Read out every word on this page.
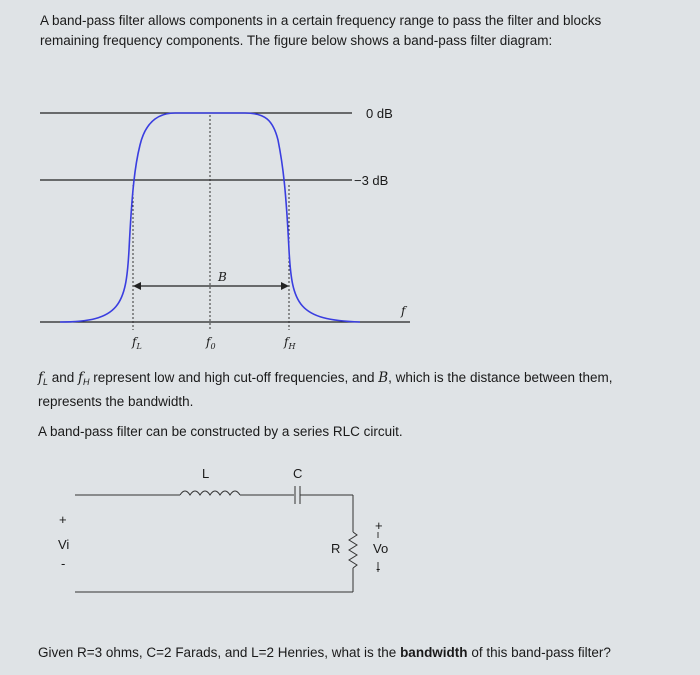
A band-pass filter allows components in a certain frequency range to pass the filter and blocks
remaining frequency components. The figure below shows a band-pass filter diagram:
0 dB
−3 dB
f
B
$f_L$	$f_0$	$f_H$
L	C
R
+
Vi
-
+
Vo
-
$f_L$ and $f_H$ represent low and high cut-off frequencies, and B, which is the distance between them,
represents the bandwidth.
A band-pass filter can be constructed by a series RLC circuit.
Given R=3 ohms, C=2 Farads, and L=2 Henries, what is the bandwidth of this band-pass filter?
